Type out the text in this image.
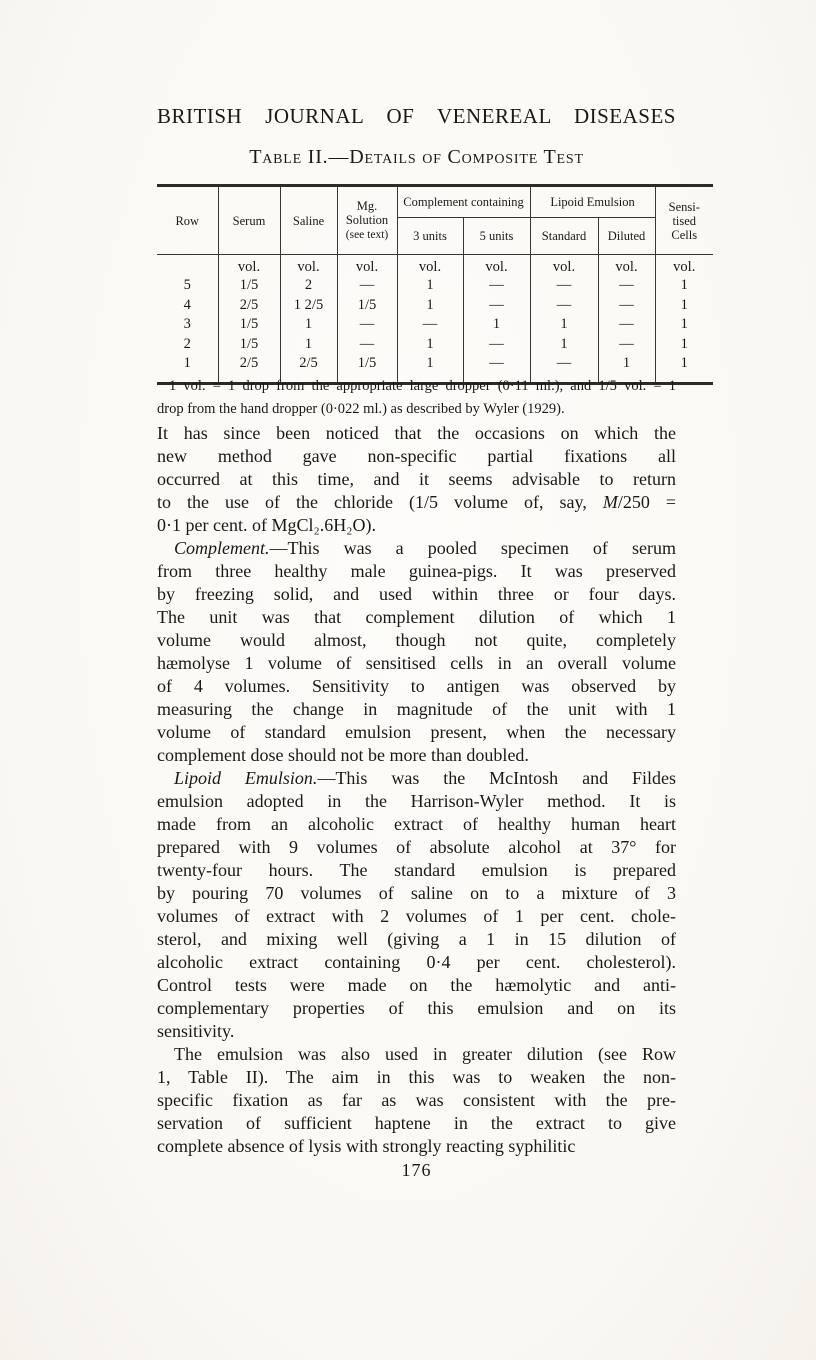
BRITISH JOURNAL OF VENEREAL DISEASES
Table II.—Details of Composite Test
Row	Serum	Saline	Mg.
Solution
(see text)	Complement containing		Lipoid Emulsion		Sensi-
tised
Cells
				3 units	5 units	Standard	Diluted	
	vol.	vol.	vol.	vol.	vol.	vol.	vol.	vol.
5	1/5	2	—	1	—	—	—	1
4	2/5	1 2/5	1/5	1	—	—	—	1
3	1/5	1	—	—	1	1	—	1
2	1/5	1	—	1	—	1	—	1
1	2/5	2/5	1/5	1	—	—	1	1
1 vol. = 1 drop from the appropriate large dropper (0·11 ml.), and 1/5 vol. = 1
drop from the hand dropper (0·022 ml.) as described by Wyler (1929).
It has since been noticed that the occasions on which the
new method gave non-specific partial fixations all
occurred at this time, and it seems advisable to return
to the use of the chloride (1/5 volume of, say, M/250 =
0·1 per cent. of MgCl₂.6H₂O).
Complement.—This was a pooled specimen of serum
from three healthy male guinea-pigs. It was preserved
by freezing solid, and used within three or four days.
The unit was that complement dilution of which 1
volume would almost, though not quite, completely
hæmolyse 1 volume of sensitised cells in an overall volume
of 4 volumes. Sensitivity to antigen was observed by
measuring the change in magnitude of the unit with 1
volume of standard emulsion present, when the necessary
complement dose should not be more than doubled.
Lipoid Emulsion.—This was the McIntosh and Fildes
emulsion adopted in the Harrison-Wyler method. It is
made from an alcoholic extract of healthy human heart
prepared with 9 volumes of absolute alcohol at 37° for
twenty-four hours. The standard emulsion is prepared
by pouring 70 volumes of saline on to a mixture of 3
volumes of extract with 2 volumes of 1 per cent. chole-
sterol, and mixing well (giving a 1 in 15 dilution of
alcoholic extract containing 0·4 per cent. cholesterol).
Control tests were made on the hæmolytic and anti-
complementary properties of this emulsion and on its
sensitivity.
The emulsion was also used in greater dilution (see Row
1, Table II). The aim in this was to weaken the non-
specific fixation as far as was consistent with the pre-
servation of sufficient haptene in the extract to give
complete absence of lysis with strongly reacting syphilitic
176
